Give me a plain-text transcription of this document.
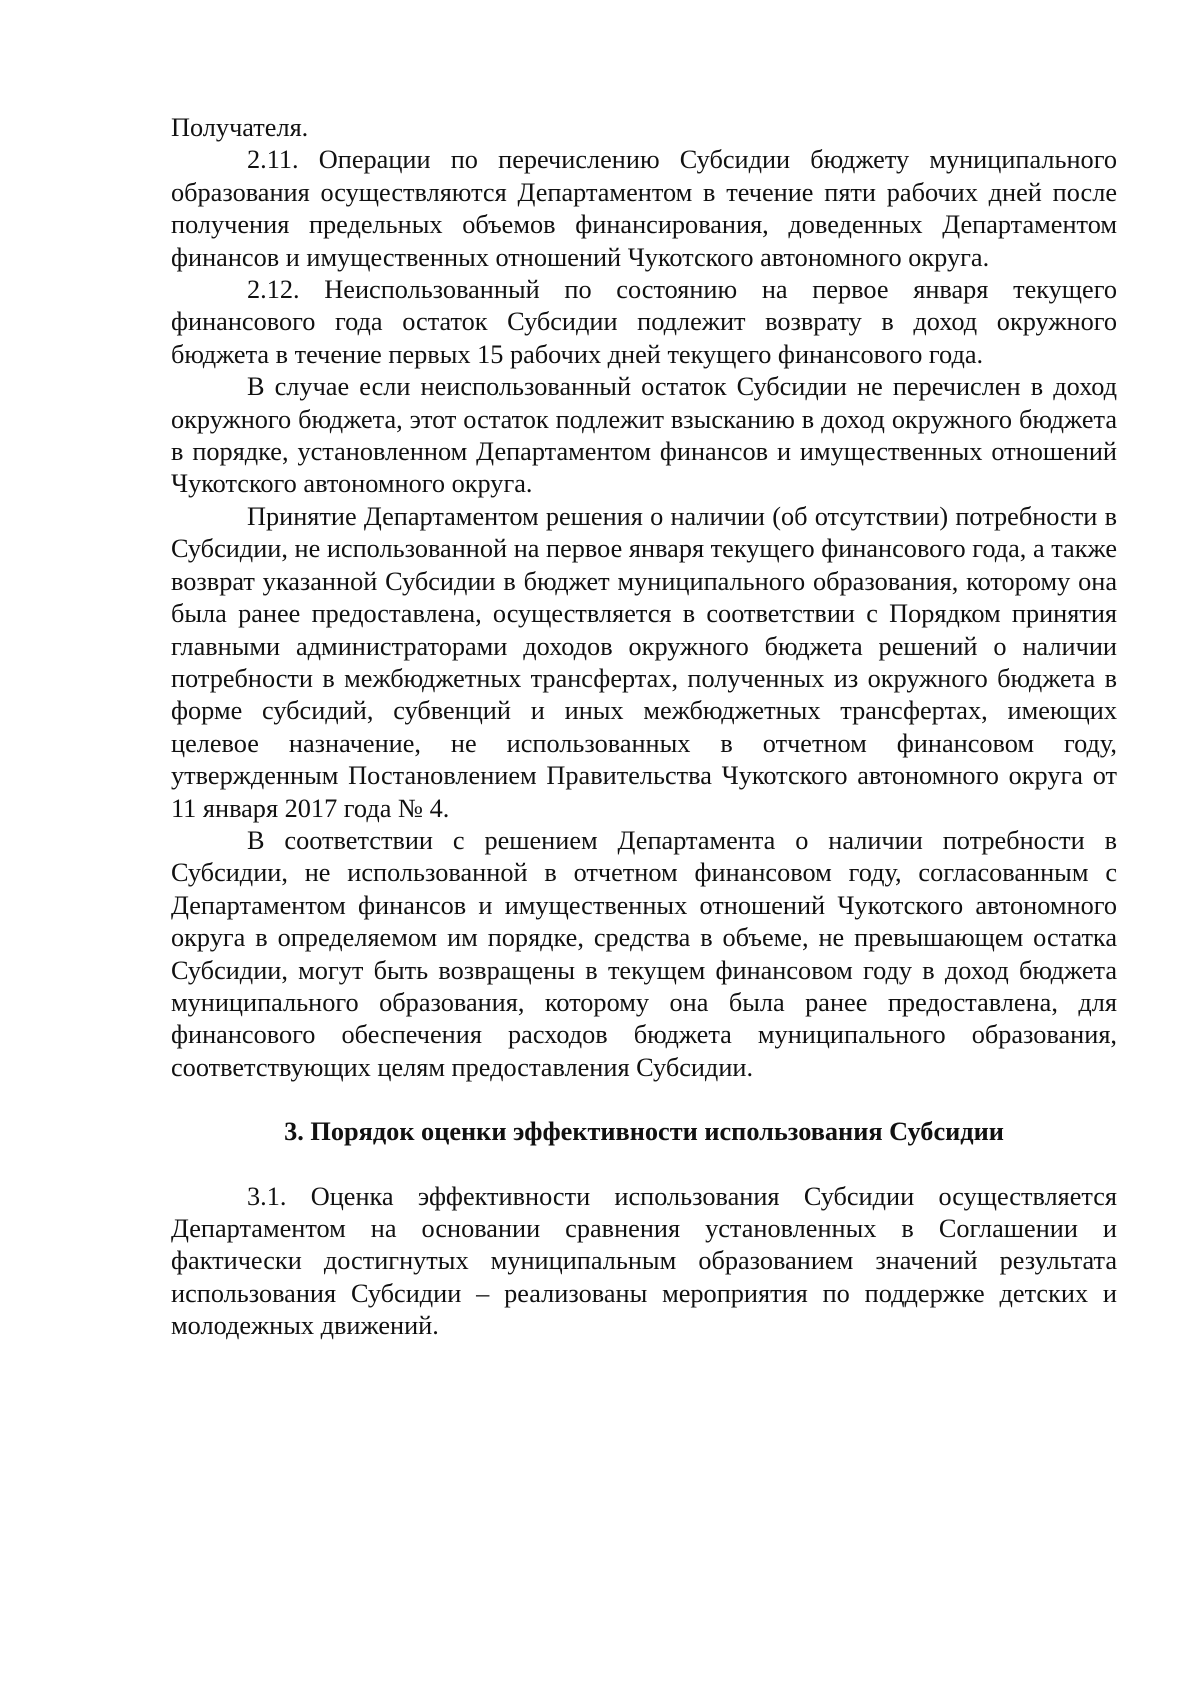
Получателя.

2.11. Операции по перечислению Субсидии бюджету муниципального образования осуществляются Департаментом в течение пяти рабочих дней после получения предельных объемов финансирования, доведенных Департаментом финансов и имущественных отношений Чукотского автономного округа.

2.12. Неиспользованный по состоянию на первое января текущего финансового года остаток Субсидии подлежит возврату в доход окружного бюджета в течение первых 15 рабочих дней текущего финансового года.

В случае если неиспользованный остаток Субсидии не перечислен в доход окружного бюджета, этот остаток подлежит взысканию в доход окружного бюджета в порядке, установленном Департаментом финансов и имущественных отношений Чукотского автономного округа.

Принятие Департаментом решения о наличии (об отсутствии) потребности в Субсидии, не использованной на первое января текущего финансового года, а также возврат указанной Субсидии в бюджет муниципального образования, которому она была ранее предоставлена, осуществляется в соответствии с Порядком принятия главными администраторами доходов окружного бюджета решений о наличии потребности в межбюджетных трансфертах, полученных из окружного бюджета в форме субсидий, субвенций и иных межбюджетных трансфертах, имеющих целевое назначение, не использованных в отчетном финансовом году, утвержденным Постановлением Правительства Чукотского автономного округа от 11 января 2017 года № 4.

В соответствии с решением Департамента о наличии потребности в Субсидии, не использованной в отчетном финансовом году, согласованным с Департаментом финансов и имущественных отношений Чукотского автономного округа в определяемом им порядке, средства в объеме, не превышающем остатка Субсидии, могут быть возвращены в текущем финансовом году в доход бюджета муниципального образования, которому она была ранее предоставлена, для финансового обеспечения расходов бюджета муниципального образования, соответствующих целям предоставления Субсидии.

3. Порядок оценки эффективности использования Субсидии

3.1. Оценка эффективности использования Субсидии осуществляется Департаментом на основании сравнения установленных в Соглашении и фактически достигнутых муниципальным образованием значений результата использования Субсидии – реализованы мероприятия по поддержке детских и молодежных движений.
